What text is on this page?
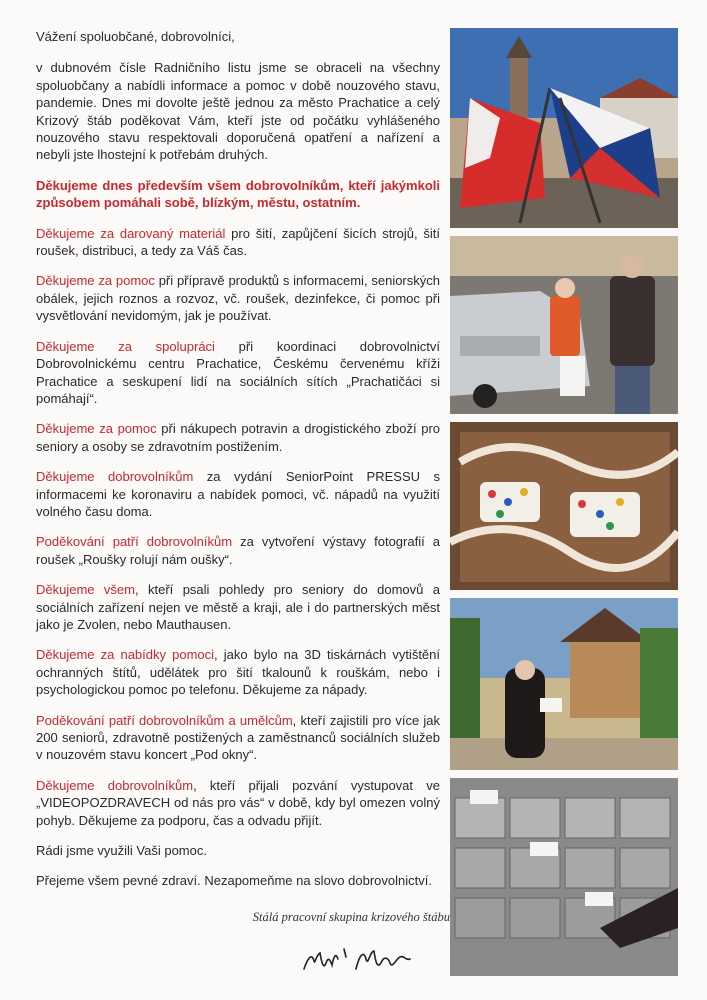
Vážení spoluobčané, dobrovolníci,

v dubnovém čísle Radničního listu jsme se obraceli na všechny spoluobčany a nabídli informace a pomoc v době nouzového stavu, pandemie. Dnes mi dovolte ještě jednou za město Prachatice a celý Krizový štáb poděkovat Vám, kteří jste od počátku vyhlášeného nouzového stavu respektovali doporučená opatření a nařízení a nebyli jste lhostejní k potřebám druhých.

Děkujeme dnes především všem dobrovolníkům, kteří jakýmkoli způsobem pomáhali sobě, blízkým, městu, ostatním.

Děkujeme za darovaný materiál pro šití, zapůjčení šicích strojů, šití roušek, distribuci, a tedy za Váš čas.

Děkujeme za pomoc při přípravě produktů s informacemi, seniorských obálek, jejich roznos a rozvoz, vč. roušek, dezinfekce, či pomoc při vysvětlování nevidomým, jak je používat.

Děkujeme za spolupráci při koordinaci dobrovolnictví Dobrovolnickému centru Prachatice, Českému červenému kříži Prachatice a seskupení lidí na sociálních sítích „Prachatičáci si pomáhají“.

Děkujeme za pomoc při nákupech potravin a drogistického zboží pro seniory a osoby se zdravotním postižením.

Děkujeme dobrovolníkům za vydání SeniorPoint PRESSU s informacemi ke koronaviru a nabídek pomoci, vč. nápadů na využití volného času doma.

Poděkování patří dobrovolníkům za vytvoření výstavy fotografií a roušek „Roušky rolují nám oušky“.

Děkujeme všem, kteří psali pohledy pro seniory do domovů a sociálních zařízení nejen ve městě a kraji, ale i do partnerských měst jako je Zvolen, nebo Mauthausen.

Děkujeme za nabídky pomoci, jako bylo na 3D tiskárnách vytištění ochranných štítů, udělátek pro šití tkalounů k rouškám, nebo i psychologickou pomoc po telefonu. Děkujeme za nápady.

Poděkování patří dobrovolníkům a umělcům, kteří zajistili pro více jak 200 seniorů, zdravotně postižených a zaměstnanců sociálních služeb v nouzovém stavu koncert „Pod okny“.

Děkujeme dobrovolníkům, kteří přijali pozvání vystupovat ve „VIDEOPOZDRAVECH od nás pro vás“ v době, kdy byl omezen volný pohyb. Děkujeme za podporu, čas a odvadu přijít.

Rádi jsme využili Vaši pomoc.

Přejeme všem pevné zdraví. Nezapomeňme na slovo dobrovolnictví.

Stálá pracovní skupina krizového štábu
